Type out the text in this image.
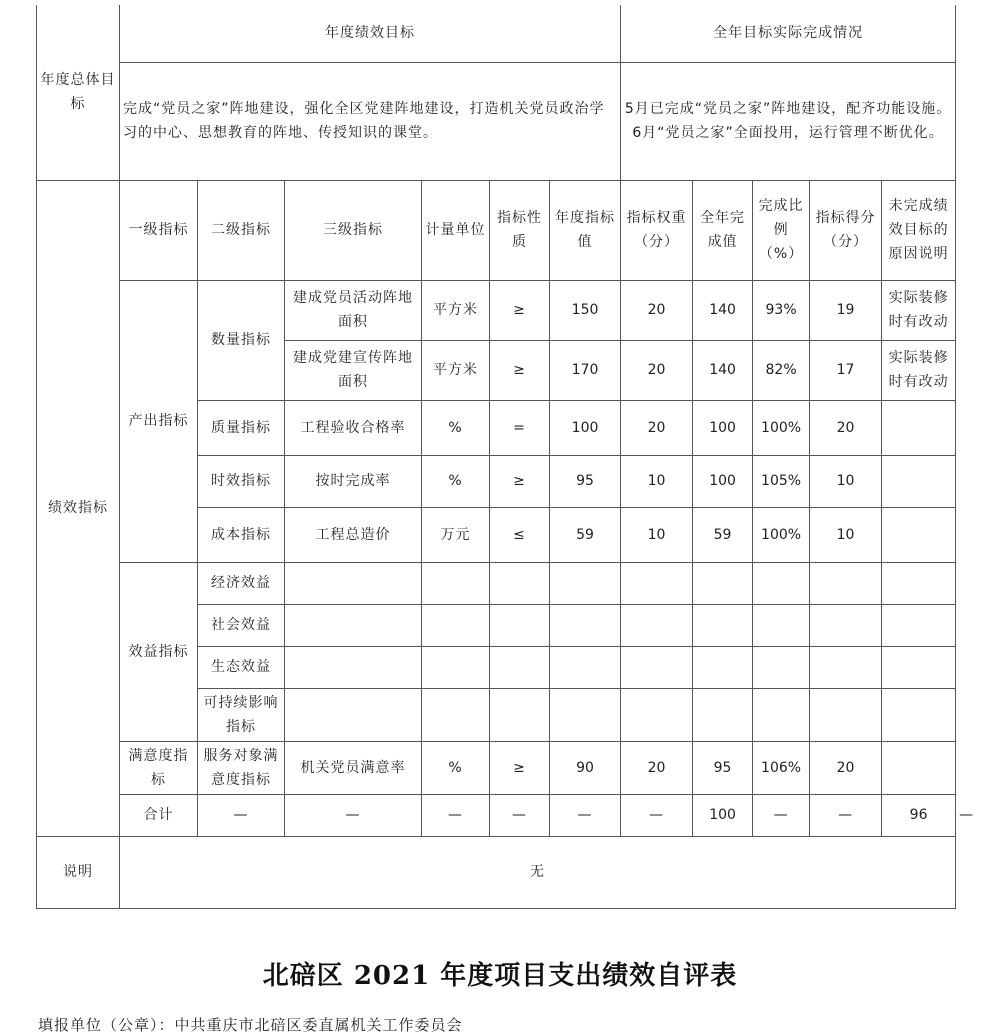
年度总体目标	年度绩效目标						全年目标实际完成情况					
	完成“党员之家”阵地建设，强化全区党建阵地建设，打造机关党员政治学习的中心、思想教育的阵地、传授知识的课堂。						5月已完成“党员之家”阵地建设，配齐功能设施。6月“党员之家”全面投用，运行管理不断优化。					
绩效指标	一级指标	二级指标	三级指标	计量单位	指标性质	年度指标值	指标权重（分）	全年完成值	完成比例（%）	指标得分（分）	未完成绩效目标的原因说明	
	产出指标	数量指标	建成党员活动阵地面积	平方米	≥	150	20	140	93%	19	实际装修时有改动	
			建成党建宣传阵地面积	平方米	≥	170	20	140	82%	17	实际装修时有改动	
		质量指标	工程验收合格率	%	=	100	20	100	100%	20		
		时效指标	按时完成率	%	≥	95	10	100	105%	10		
		成本指标	工程总造价	万元	≤	59	10	59	100%	10		
	效益指标	经济效益										
		社会效益										
		生态效益										
		可持续影响指标										
	满意度指标	服务对象满意度指标	机关党员满意率	%	≥	90	20	95	106%	20		
	合计	—	—	—	—	—	—	100	—	—	96	—
说明	无											
北碚区 2021 年度项目支出绩效自评表
填报单位（公章）：中共重庆市北碚区委直属机关工作委员会
